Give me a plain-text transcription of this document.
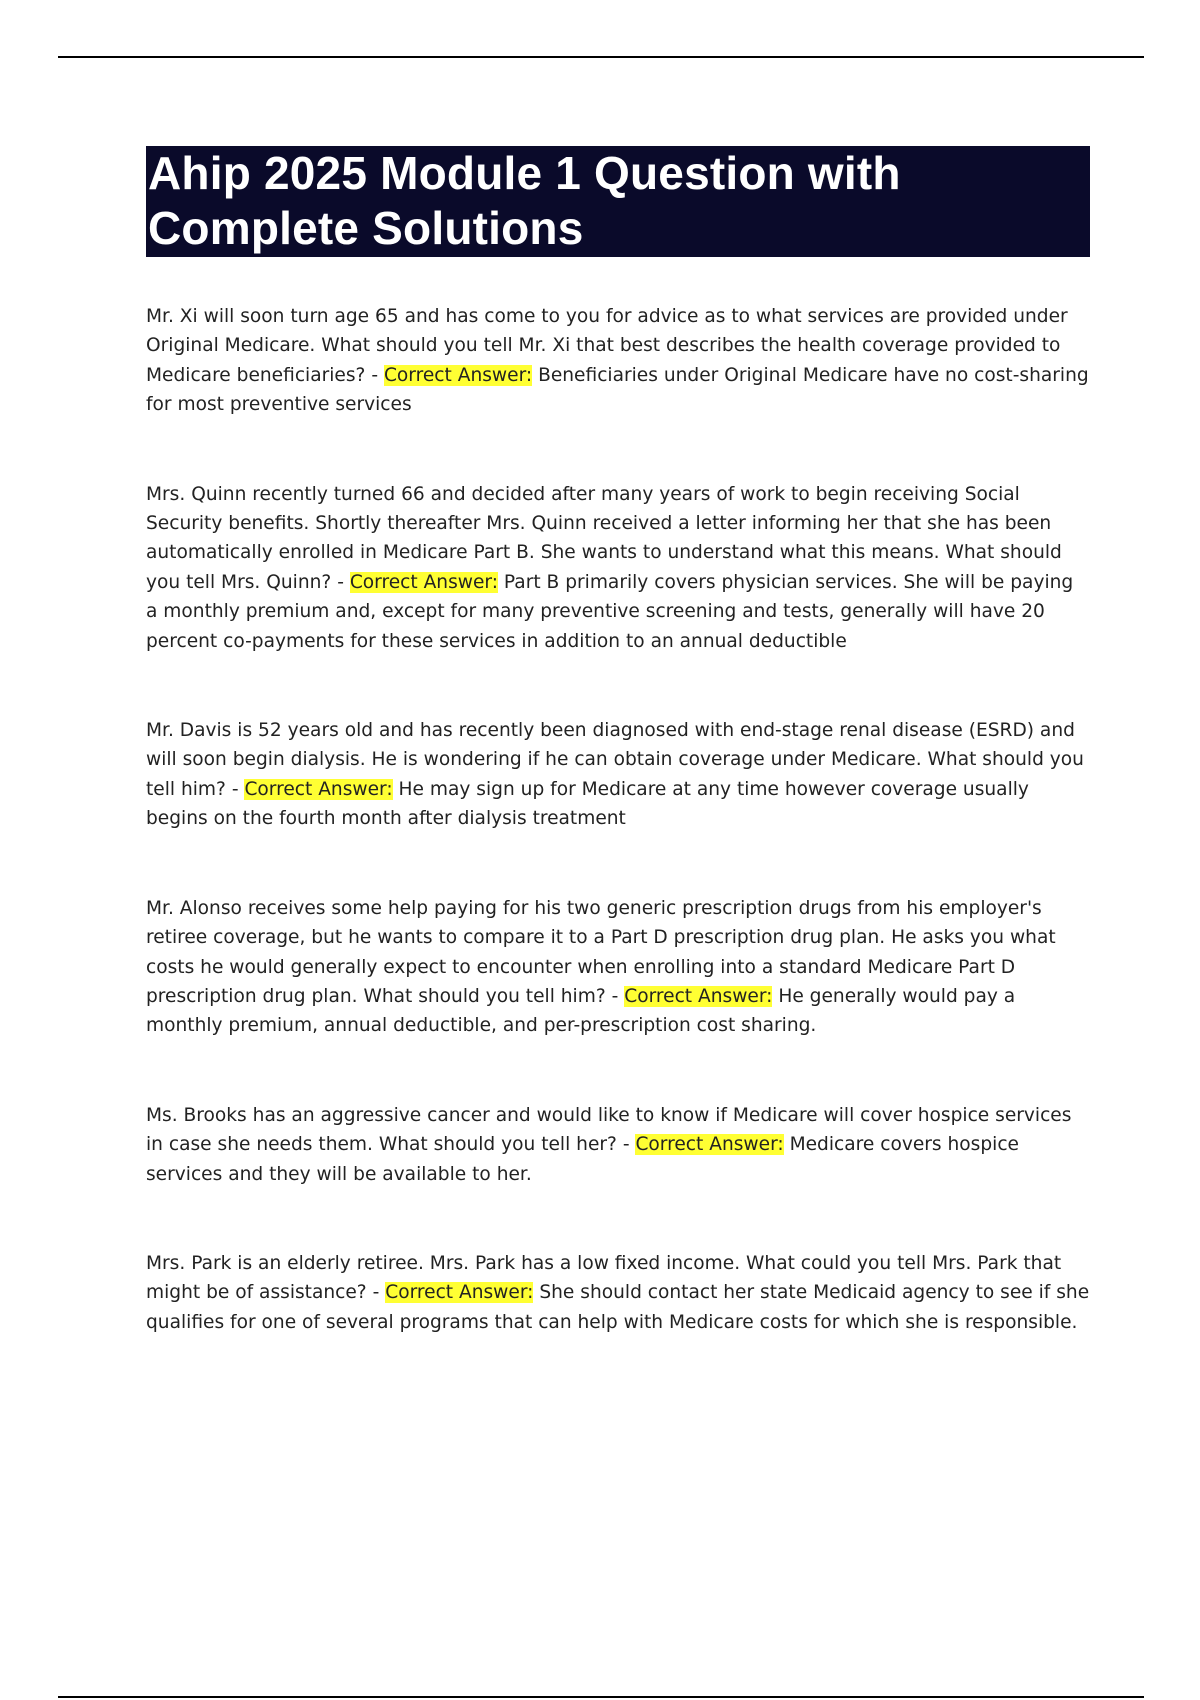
Ahip 2025 Module 1 Question with
Complete Solutions

Mr. Xi will soon turn age 65 and has come to you for advice as to what services are provided under Original Medicare. What should you tell Mr. Xi that best describes the health coverage provided to Medicare beneficiaries? - Correct Answer: Beneficiaries under Original Medicare have no cost-sharing for most preventive services

Mrs. Quinn recently turned 66 and decided after many years of work to begin receiving Social Security benefits. Shortly thereafter Mrs. Quinn received a letter informing her that she has been automatically enrolled in Medicare Part B. She wants to understand what this means. What should you tell Mrs. Quinn? - Correct Answer: Part B primarily covers physician services. She will be paying a monthly premium and, except for many preventive screening and tests, generally will have 20 percent co-payments for these services in addition to an annual deductible

Mr. Davis is 52 years old and has recently been diagnosed with end-stage renal disease (ESRD) and will soon begin dialysis. He is wondering if he can obtain coverage under Medicare. What should you tell him? - Correct Answer: He may sign up for Medicare at any time however coverage usually begins on the fourth month after dialysis treatment

Mr. Alonso receives some help paying for his two generic prescription drugs from his employer's retiree coverage, but he wants to compare it to a Part D prescription drug plan. He asks you what costs he would generally expect to encounter when enrolling into a standard Medicare Part D prescription drug plan. What should you tell him? - Correct Answer: He generally would pay a monthly premium, annual deductible, and per-prescription cost sharing.

Ms. Brooks has an aggressive cancer and would like to know if Medicare will cover hospice services in case she needs them. What should you tell her? - Correct Answer: Medicare covers hospice services and they will be available to her.

Mrs. Park is an elderly retiree. Mrs. Park has a low fixed income. What could you tell Mrs. Park that might be of assistance? - Correct Answer: She should contact her state Medicaid agency to see if she qualifies for one of several programs that can help with Medicare costs for which she is responsible.
